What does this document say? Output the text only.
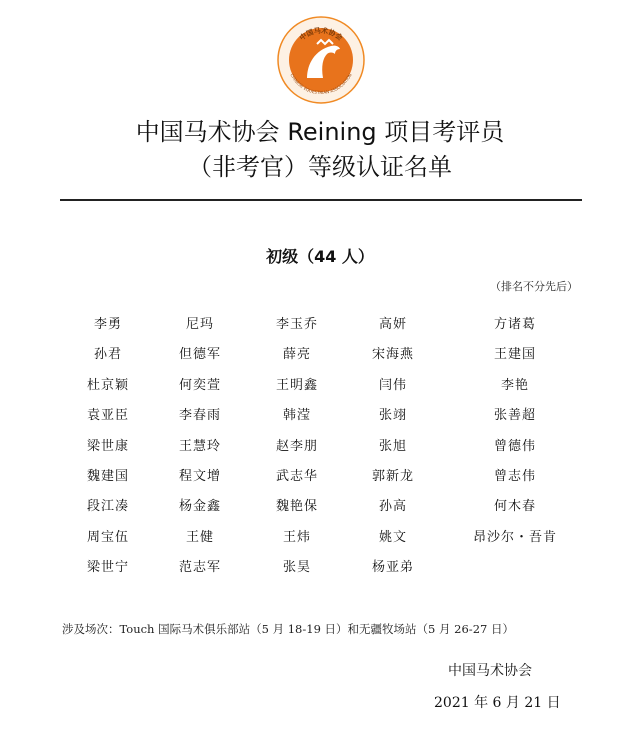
中国马术协会
CHINESE EQUESTRIAN ASSOCIATION
中国马术协会 Reining 项目考评员
（非考官）等级认证名单
初级（44 人）
（排名不分先后）
李勇	尼玛	李玉乔	高妍	方诸葛
孙君	但德军	薛亮	宋海燕	王建国
杜京颖	何奕萱	王明鑫	闫伟	李艳
袁亚臣	李春雨	韩滢	张翊	张善超
梁世康	王慧玲	赵李朋	张旭	曾德伟
魏建国	程文增	武志华	郭新龙	曾志伟
段江凑	杨金鑫	魏艳保	孙高	何木春
周宝伍	王健	王炜	姚文	昂沙尔・吾肯
梁世宁	范志军	张昊	杨亚弟
涉及场次：Touch 国际马术俱乐部站（5 月 18-19 日）和无疆牧场站（5 月 26-27 日）
中国马术协会
2021 年 6 月 21 日
